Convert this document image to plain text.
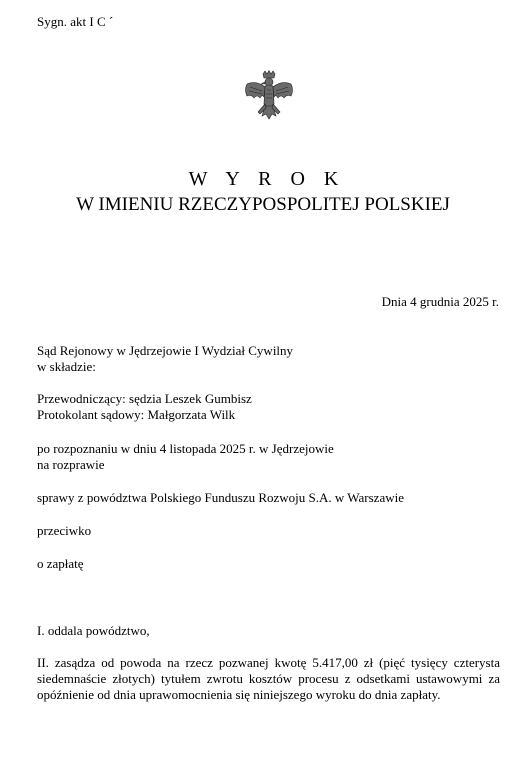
Sygn. akt I C ´
W Y R O K
W IMIENIU RZECZYPOSPOLITEJ POLSKIEJ
Dnia 4 grudnia 2025 r.
Sąd Rejonowy w Jędrzejowie I Wydział Cywilny
w składzie:
Przewodniczący: sędzia Leszek Gumbisz
Protokolant sądowy: Małgorzata Wilk
po rozpoznaniu w dniu 4 listopada 2025 r. w Jędrzejowie
na rozprawie
sprawy z powództwa Polskiego Funduszu Rozwoju S.A. w Warszawie
przeciwko
o zapłatę
I. oddala powództwo,
II. zasądza od powoda na rzecz pozwanej kwotę 5.417,00 zł (pięć tysięcy czterysta siedemnaście złotych) tytułem zwrotu kosztów procesu z odsetkami ustawowymi za opóźnienie od dnia uprawomocnienia się niniejszego wyroku do dnia zapłaty.
